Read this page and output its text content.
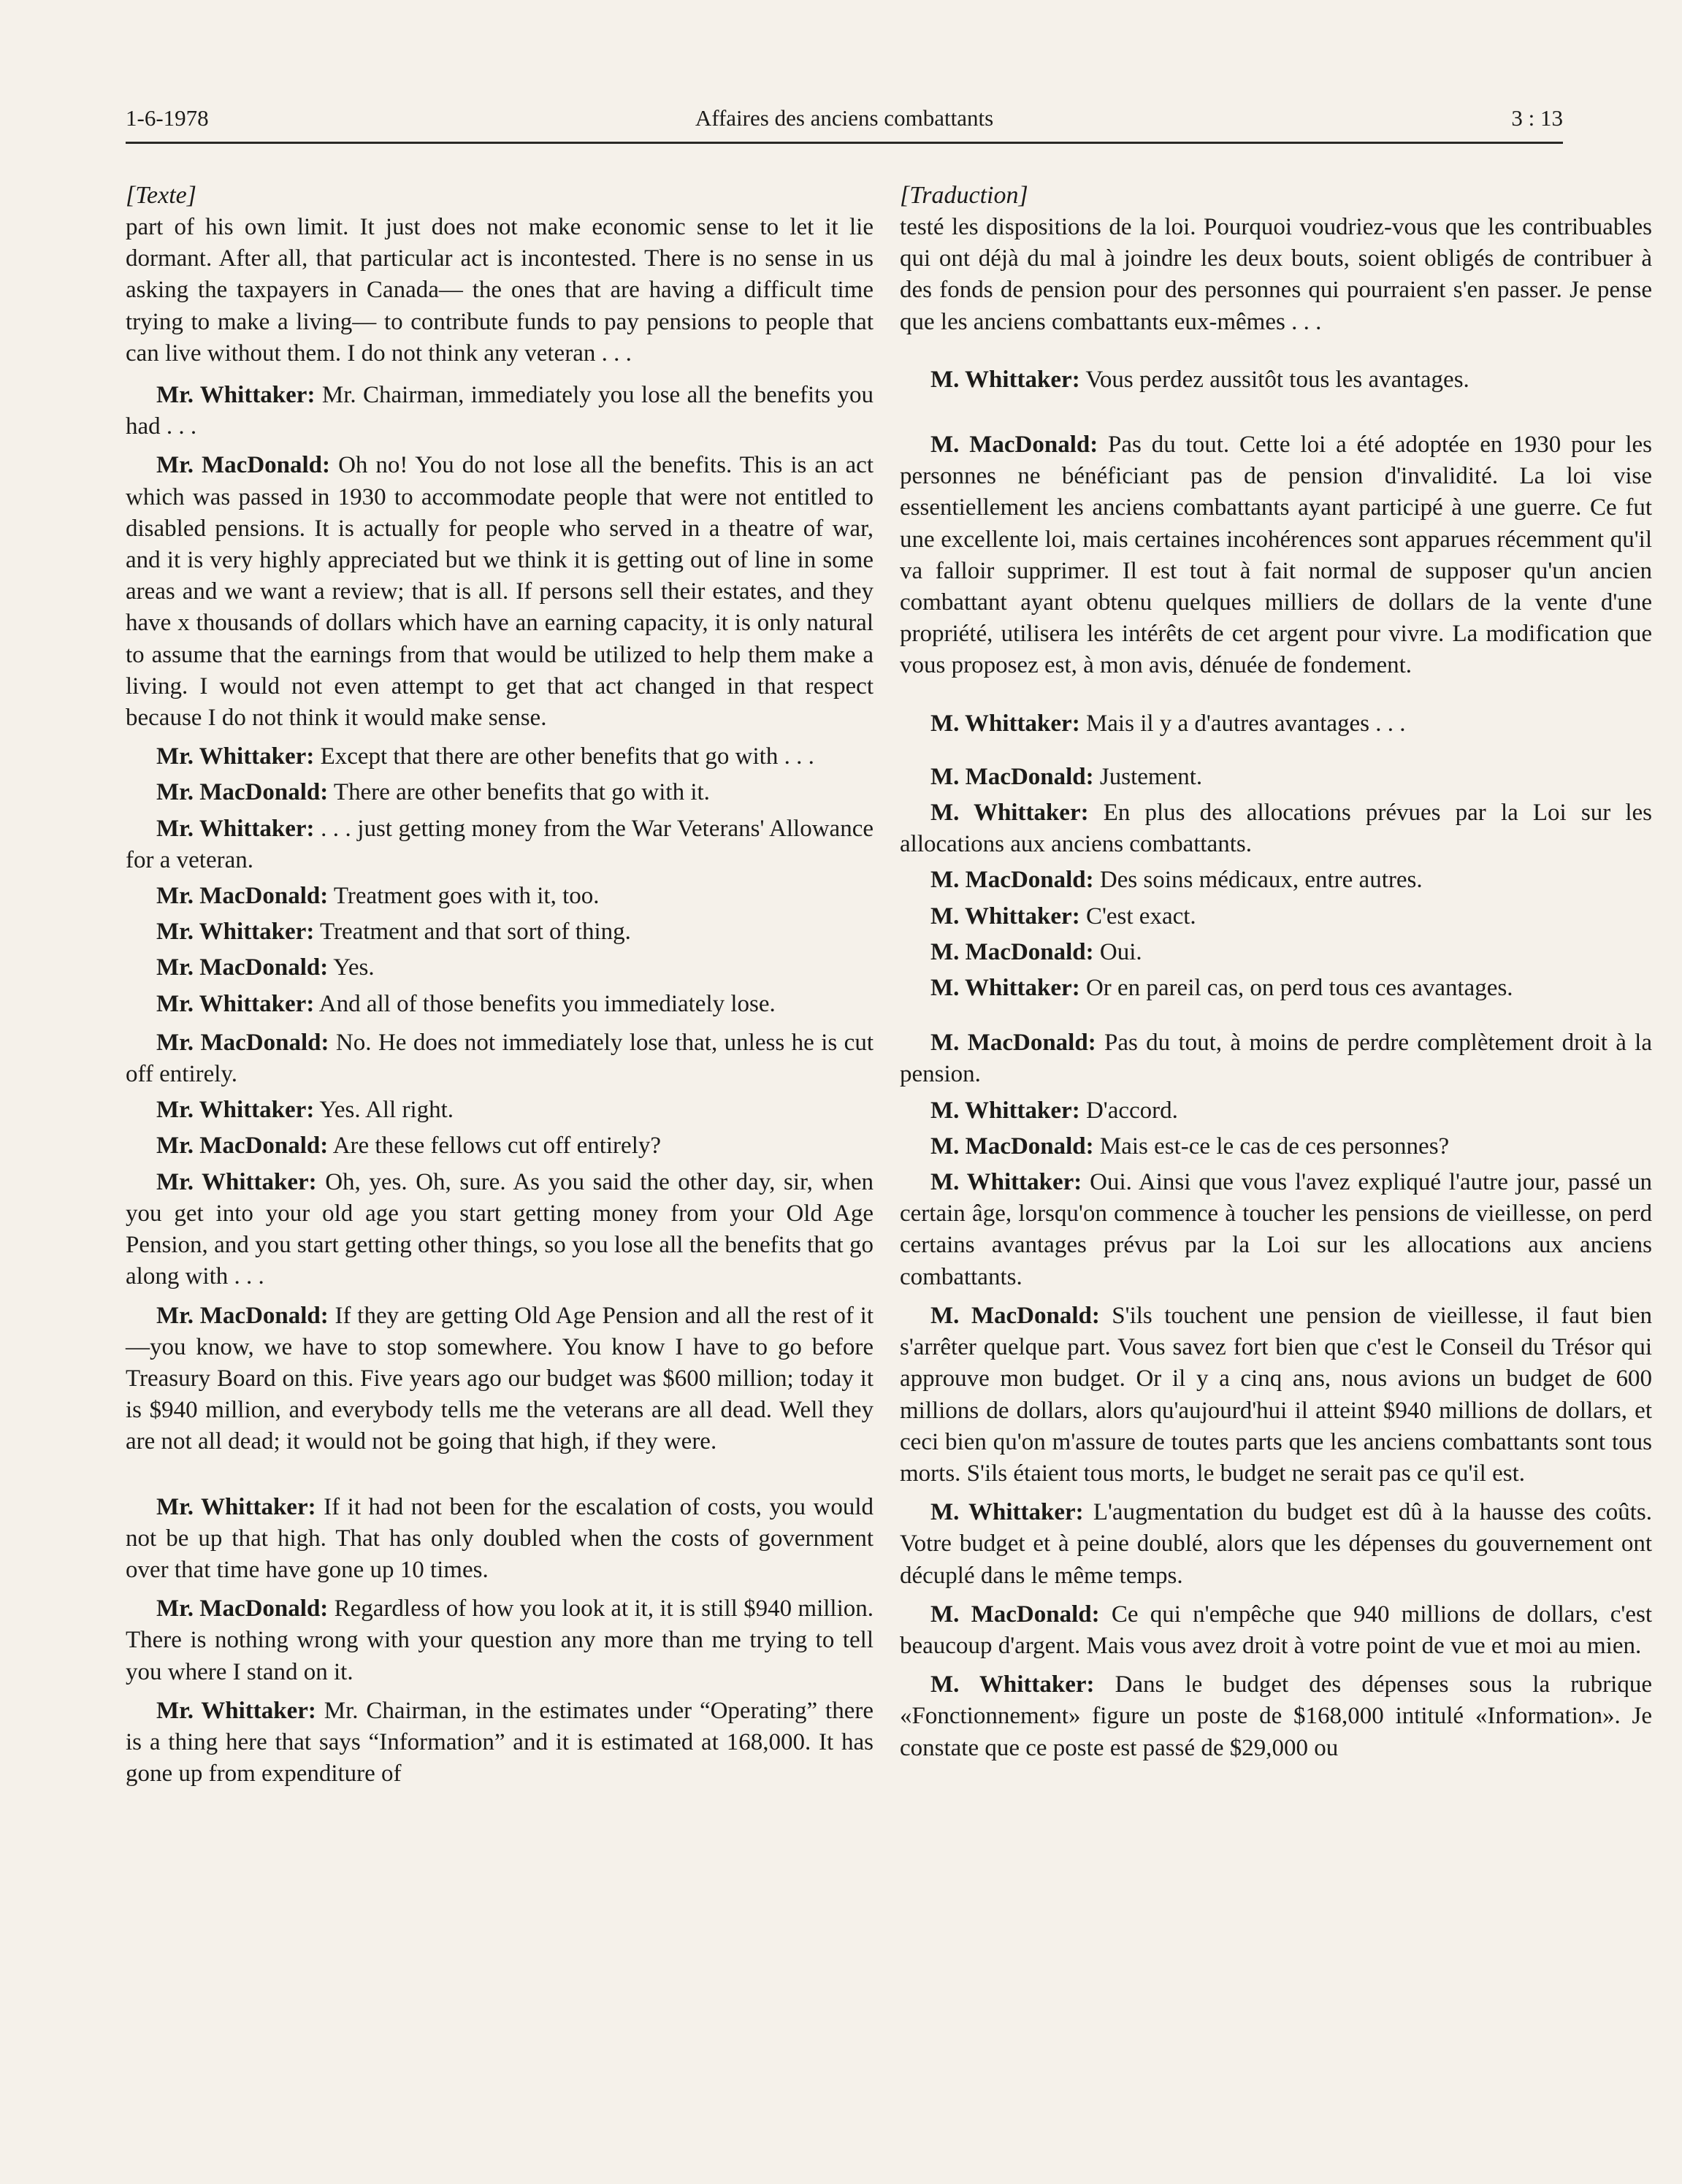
1-6-1978	Affaires des anciens combattants	3 : 13

[Texte]

part of his own limit. It just does not make economic sense to let it lie dormant. After all, that particular act is incontested. There is no sense in us asking the taxpayers in Canada— the ones that are having a difficult time trying to make a living— to contribute funds to pay pensions to people that can live without them. I do not think any veteran . . .

Mr. Whittaker: Mr. Chairman, immediately you lose all the benefits you had . . .

Mr. MacDonald: Oh no! You do not lose all the benefits. This is an act which was passed in 1930 to accommodate people that were not entitled to disabled pensions. It is actually for people who served in a theatre of war, and it is very highly appreciated but we think it is getting out of line in some areas and we want a review; that is all. If persons sell their estates, and they have x thousands of dollars which have an earning capacity, it is only natural to assume that the earnings from that would be utilized to help them make a living. I would not even attempt to get that act changed in that respect because I do not think it would make sense.

Mr. Whittaker: Except that there are other benefits that go with . . .

Mr. MacDonald: There are other benefits that go with it.

Mr. Whittaker: . . . just getting money from the War Veterans' Allowance for a veteran.

Mr. MacDonald: Treatment goes with it, too.

Mr. Whittaker: Treatment and that sort of thing.

Mr. MacDonald: Yes.

Mr. Whittaker: And all of those benefits you immediately lose.

Mr. MacDonald: No. He does not immediately lose that, unless he is cut off entirely.

Mr. Whittaker: Yes. All right.

Mr. MacDonald: Are these fellows cut off entirely?

Mr. Whittaker: Oh, yes. Oh, sure. As you said the other day, sir, when you get into your old age you start getting money from your Old Age Pension, and you start getting other things, so you lose all the benefits that go along with . . .

Mr. MacDonald: If they are getting Old Age Pension and all the rest of it—you know, we have to stop somewhere. You know I have to go before Treasury Board on this. Five years ago our budget was $600 million; today it is $940 million, and everybody tells me the veterans are all dead. Well they are not all dead; it would not be going that high, if they were.

Mr. Whittaker: If it had not been for the escalation of costs, you would not be up that high. That has only doubled when the costs of government over that time have gone up 10 times.

Mr. MacDonald: Regardless of how you look at it, it is still $940 million. There is nothing wrong with your question any more than me trying to tell you where I stand on it.

Mr. Whittaker: Mr. Chairman, in the estimates under “Operating” there is a thing here that says “Information” and it is estimated at 168,000. It has gone up from expenditure of

[Traduction]

testé les dispositions de la loi. Pourquoi voudriez-vous que les contribuables qui ont déjà du mal à joindre les deux bouts, soient obligés de contribuer à des fonds de pension pour des personnes qui pourraient s'en passer. Je pense que les anciens combattants eux-mêmes . . .

M. Whittaker: Vous perdez aussitôt tous les avantages.

M. MacDonald: Pas du tout. Cette loi a été adoptée en 1930 pour les personnes ne bénéficiant pas de pension d'invalidité. La loi vise essentiellement les anciens combattants ayant participé à une guerre. Ce fut une excellente loi, mais certaines incohérences sont apparues récemment qu'il va falloir supprimer. Il est tout à fait normal de supposer qu'un ancien combattant ayant obtenu quelques milliers de dollars de la vente d'une propriété, utilisera les intérêts de cet argent pour vivre. La modification que vous proposez est, à mon avis, dénuée de fondement.

M. Whittaker: Mais il y a d'autres avantages . . .

M. MacDonald: Justement.

M. Whittaker: En plus des allocations prévues par la Loi sur les allocations aux anciens combattants.

M. MacDonald: Des soins médicaux, entre autres.

M. Whittaker: C'est exact.

M. MacDonald: Oui.

M. Whittaker: Or en pareil cas, on perd tous ces avantages.

M. MacDonald: Pas du tout, à moins de perdre complètement droit à la pension.

M. Whittaker: D'accord.

M. MacDonald: Mais est-ce le cas de ces personnes?

M. Whittaker: Oui. Ainsi que vous l'avez expliqué l'autre jour, passé un certain âge, lorsqu'on commence à toucher les pensions de vieillesse, on perd certains avantages prévus par la Loi sur les allocations aux anciens combattants.

M. MacDonald: S'ils touchent une pension de vieillesse, il faut bien s'arrêter quelque part. Vous savez fort bien que c'est le Conseil du Trésor qui approuve mon budget. Or il y a cinq ans, nous avions un budget de 600 millions de dollars, alors qu'aujourd'hui il atteint $940 millions de dollars, et ceci bien qu'on m'assure de toutes parts que les anciens combattants sont tous morts. S'ils étaient tous morts, le budget ne serait pas ce qu'il est.

M. Whittaker: L'augmentation du budget est dû à la hausse des coûts. Votre budget et à peine doublé, alors que les dépenses du gouvernement ont décuplé dans le même temps.

M. MacDonald: Ce qui n'empêche que 940 millions de dollars, c'est beaucoup d'argent. Mais vous avez droit à votre point de vue et moi au mien.

M. Whittaker: Dans le budget des dépenses sous la rubrique «Fonctionnement» figure un poste de $168,000 intitulé «Information». Je constate que ce poste est passé de $29,000 ou
